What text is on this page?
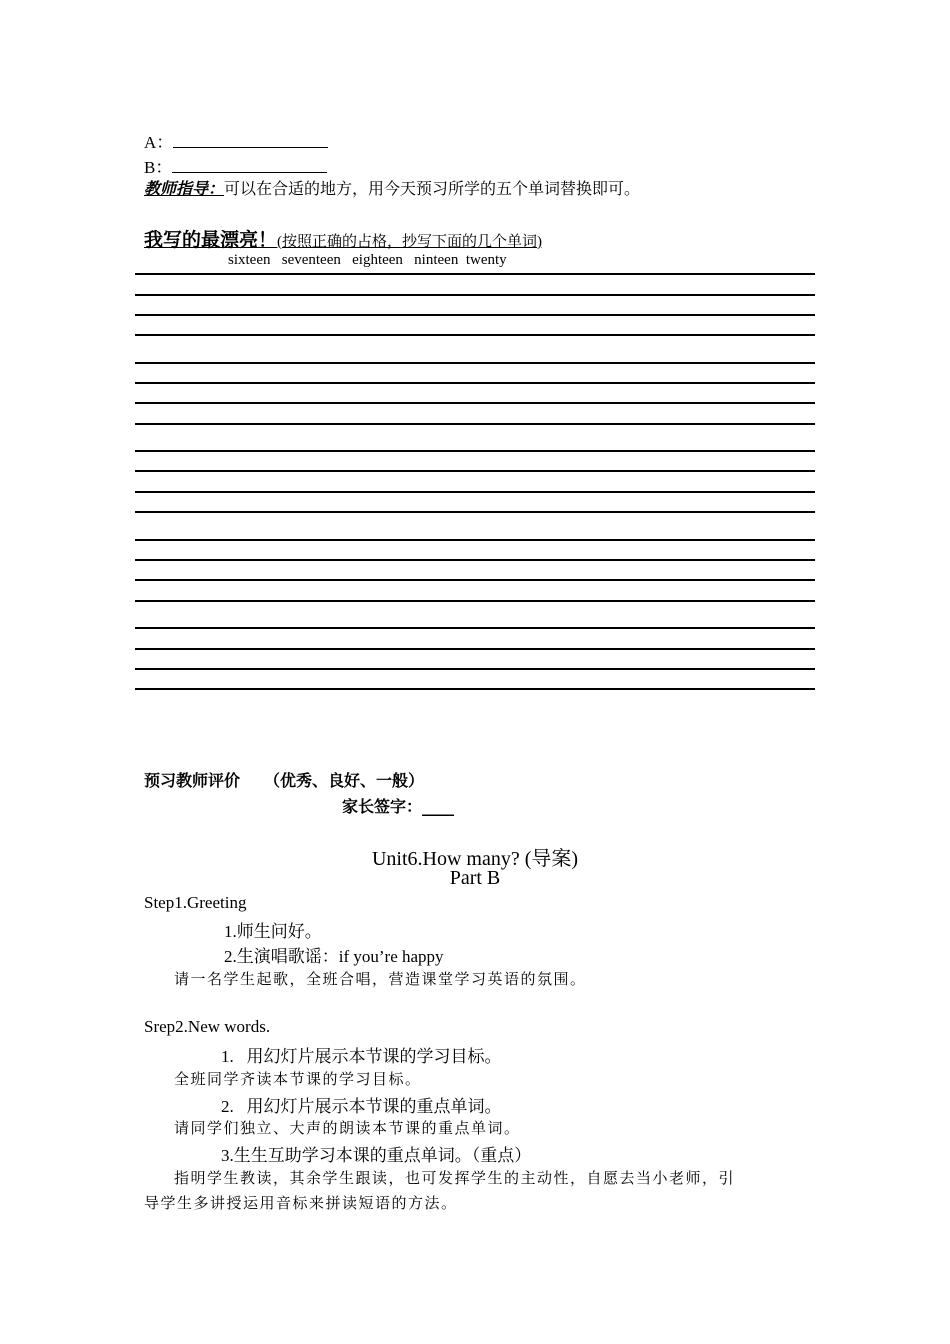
A：
B：
教师指导：可以在合适的地方，用今天预习所学的五个单词替换即可。
我写的最漂亮！(按照正确的占格，抄写下面的几个单词)
sixteen   seventeen   eighteen   ninteen  twenty
预习教师评价 （优秀、良好、一般）
家长签字：____
Unit6.How many? (导案)
Part B
Step1.Greeting
1.师生问好。
2.生演唱歌谣：if you’re happy
请一名学生起歌，全班合唱，营造课堂学习英语的氛围。
Srep2.New words.
1.   用幻灯片展示本节课的学习目标。
全班同学齐读本节课的学习目标。
2.   用幻灯片展示本节课的重点单词。
请同学们独立、大声的朗读本节课的重点单词。
3.生生互助学习本课的重点单词。（重点）
指明学生教读，其余学生跟读，也可发挥学生的主动性，自愿去当小老师，引
导学生多讲授运用音标来拼读短语的方法。
